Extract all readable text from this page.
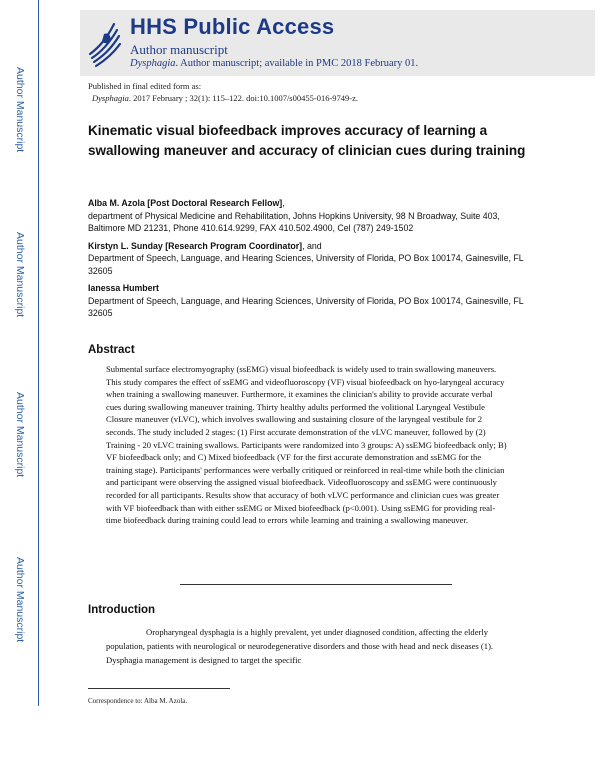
Author Manuscript
Author Manuscript
Author Manuscript
Author Manuscript
HHS Public Access
Author manuscript
Dysphagia. Author manuscript; available in PMC 2018 February 01.
Published in final edited form as:
Dysphagia. 2017 February ; 32(1): 115–122. doi:10.1007/s00455-016-9749-z.
Kinematic visual biofeedback improves accuracy of learning a swallowing maneuver and accuracy of clinician cues during training
Alba M. Azola [Post Doctoral Research Fellow],
department of Physical Medicine and Rehabilitation, Johns Hopkins University, 98 N Broadway, Suite 403, Baltimore MD 21231, Phone 410.614.9299, FAX 410.502.4900, Cel (787) 249-1502
Kirstyn L. Sunday [Research Program Coordinator], and
Department of Speech, Language, and Hearing Sciences, University of Florida, PO Box 100174, Gainesville, FL 32605
Ianessa Humbert
Department of Speech, Language, and Hearing Sciences, University of Florida, PO Box 100174, Gainesville, FL 32605
Abstract
Submental surface electromyography (ssEMG) visual biofeedback is widely used to train swallowing maneuvers. This study compares the effect of ssEMG and videofluoroscopy (VF) visual biofeedback on hyo-laryngeal accuracy when training a swallowing maneuver. Furthermore, it examines the clinician's ability to provide accurate verbal cues during swallowing maneuver training. Thirty healthy adults performed the volitional Laryngeal Vestibule Closure maneuver (vLVC), which involves swallowing and sustaining closure of the laryngeal vestibule for 2 seconds. The study included 2 stages: (1) First accurate demonstration of the vLVC maneuver, followed by (2) Training - 20 vLVC training swallows. Participants were randomized into 3 groups: A) ssEMG biofeedback only; B) VF biofeedback only; and C) Mixed biofeedback (VF for the first accurate demonstration and ssEMG for the training stage). Participants' performances were verbally critiqued or reinforced in real-time while both the clinician and participant were observing the assigned visual biofeedback. Videofluoroscopy and ssEMG were continuously recorded for all participants. Results show that accuracy of both vLVC performance and clinician cues was greater with VF biofeedback than with either ssEMG or Mixed biofeedback (p<0.001). Using ssEMG for providing real-time biofeedback during training could lead to errors while learning and training a swallowing maneuver.
Introduction
Oropharyngeal dysphagia is a highly prevalent, yet under diagnosed condition, affecting the elderly population, patients with neurological or neurodegenerative disorders and those with head and neck diseases (1). Dysphagia management is designed to target the specific
Correspondence to: Alba M. Azola.
